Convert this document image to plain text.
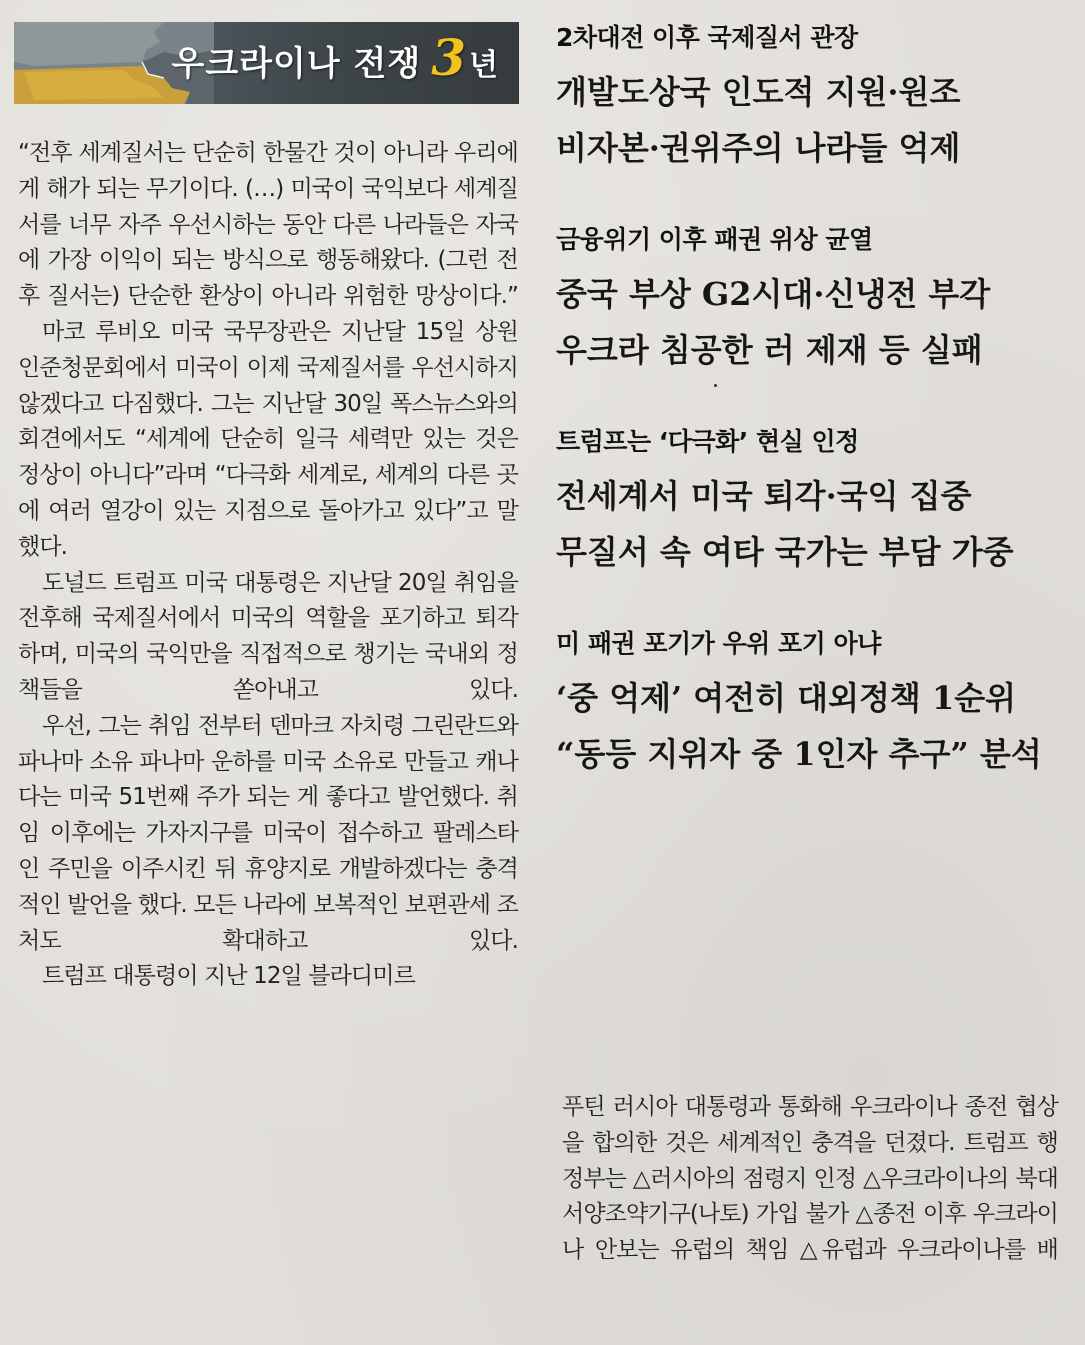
우크라이나 전쟁 3 년

“전후 세계질서는 단순히 한물간 것이 아니라 우리에게 해가 되는 무기이다. (…) 미국이 국익보다 세계질서를 너무 자주 우선시하는 동안 다른 나라들은 자국에 가장 이익이 되는 방식으로 행동해왔다. (그런 전후 질서는) 단순한 환상이 아니라 위험한 망상이다.”

마코 루비오 미국 국무장관은 지난달 15일 상원 인준청문회에서 미국이 이제 국제질서를 우선시하지 않겠다고 다짐했다. 그는 지난달 30일 폭스뉴스와의 회견에서도 “세계에 단순히 일극 세력만 있는 것은 정상이 아니다”라며 “다극화 세계로, 세계의 다른 곳에 여러 열강이 있는 지점으로 돌아가고 있다”고 말했다.

도널드 트럼프 미국 대통령은 지난달 20일 취임을 전후해 국제질서에서 미국의 역할을 포기하고 퇴각하며, 미국의 국익만을 직접적으로 챙기는 국내외 정책들을 쏟아내고 있다.

우선, 그는 취임 전부터 덴마크 자치령 그린란드와 파나마 소유 파나마 운하를 미국 소유로 만들고 캐나다는 미국 51번째 주가 되는 게 좋다고 발언했다. 취임 이후에는 가자지구를 미국이 접수하고 팔레스타인 주민을 이주시킨 뒤 휴양지로 개발하겠다는 충격적인 발언을 했다. 모든 나라에 보복적인 보편관세 조처도 확대하고 있다.

트럼프 대통령이 지난 12일 블라디미르

2차대전 이후 국제질서 관장
개발도상국 인도적 지원·원조
비자본·권위주의 나라들 억제
금융위기 이후 패권 위상 균열
중국 부상 G2시대·신냉전 부각
우크라 침공한 러 제재 등 실패
트럼프는 ‘다극화’ 현실 인정
전세계서 미국 퇴각·국익 집중
무질서 속 여타 국가는 부담 가중
미 패권 포기가 우위 포기 아냐
‘중 억제’ 여전히 대외정책 1순위
“동등 지위자 중 1인자 추구” 분석

푸틴 러시아 대통령과 통화해 우크라이나 종전 협상을 합의한 것은 세계적인 충격을 던졌다. 트럼프 행정부는 △러시아의 점령지 인정 △우크라이나의 북대서양조약기구(나토) 가입 불가 △종전 이후 우크라이나 안보는 유럽의 책임 △유럽과 우크라이나를 배
